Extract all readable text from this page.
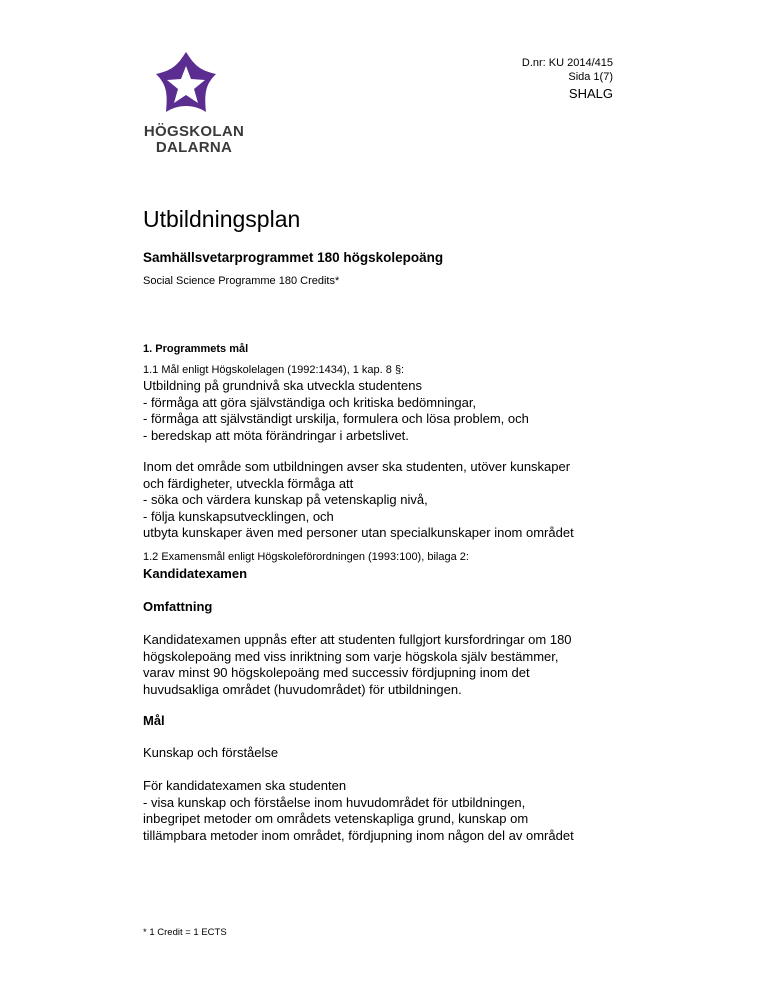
HÖGSKOLAN
DALARNA
D.nr: KU 2014/415
Sida 1(7)
SHALG
Utbildningsplan
Samhällsvetarprogrammet 180 högskolepoäng
Social Science Programme 180 Credits*
1. Programmets mål
1.1 Mål enligt Högskolelagen (1992:1434), 1 kap. 8 §:
Utbildning på grundnivå ska utveckla studentens
- förmåga att göra självständiga och kritiska bedömningar,
- förmåga att självständigt urskilja, formulera och lösa problem, och
- beredskap att möta förändringar i arbetslivet.
Inom det område som utbildningen avser ska studenten, utöver kunskaper
och färdigheter, utveckla förmåga att
- söka och värdera kunskap på vetenskaplig nivå,
- följa kunskapsutvecklingen, och
utbyta kunskaper även med personer utan specialkunskaper inom området
1.2 Examensmål enligt Högskoleförordningen (1993:100), bilaga 2:
Kandidatexamen
Omfattning
Kandidatexamen uppnås efter att studenten fullgjort kursfordringar om 180
högskolepoäng med viss inriktning som varje högskola själv bestämmer,
varav minst 90 högskolepoäng med successiv fördjupning inom det
huvudsakliga området (huvudområdet) för utbildningen.
Mål
Kunskap och förståelse
För kandidatexamen ska studenten
- visa kunskap och förståelse inom huvudområdet för utbildningen,
inbegripet metoder om områdets vetenskapliga grund, kunskap om
tillämpbara metoder inom området, fördjupning inom någon del av området
* 1 Credit = 1 ECTS
